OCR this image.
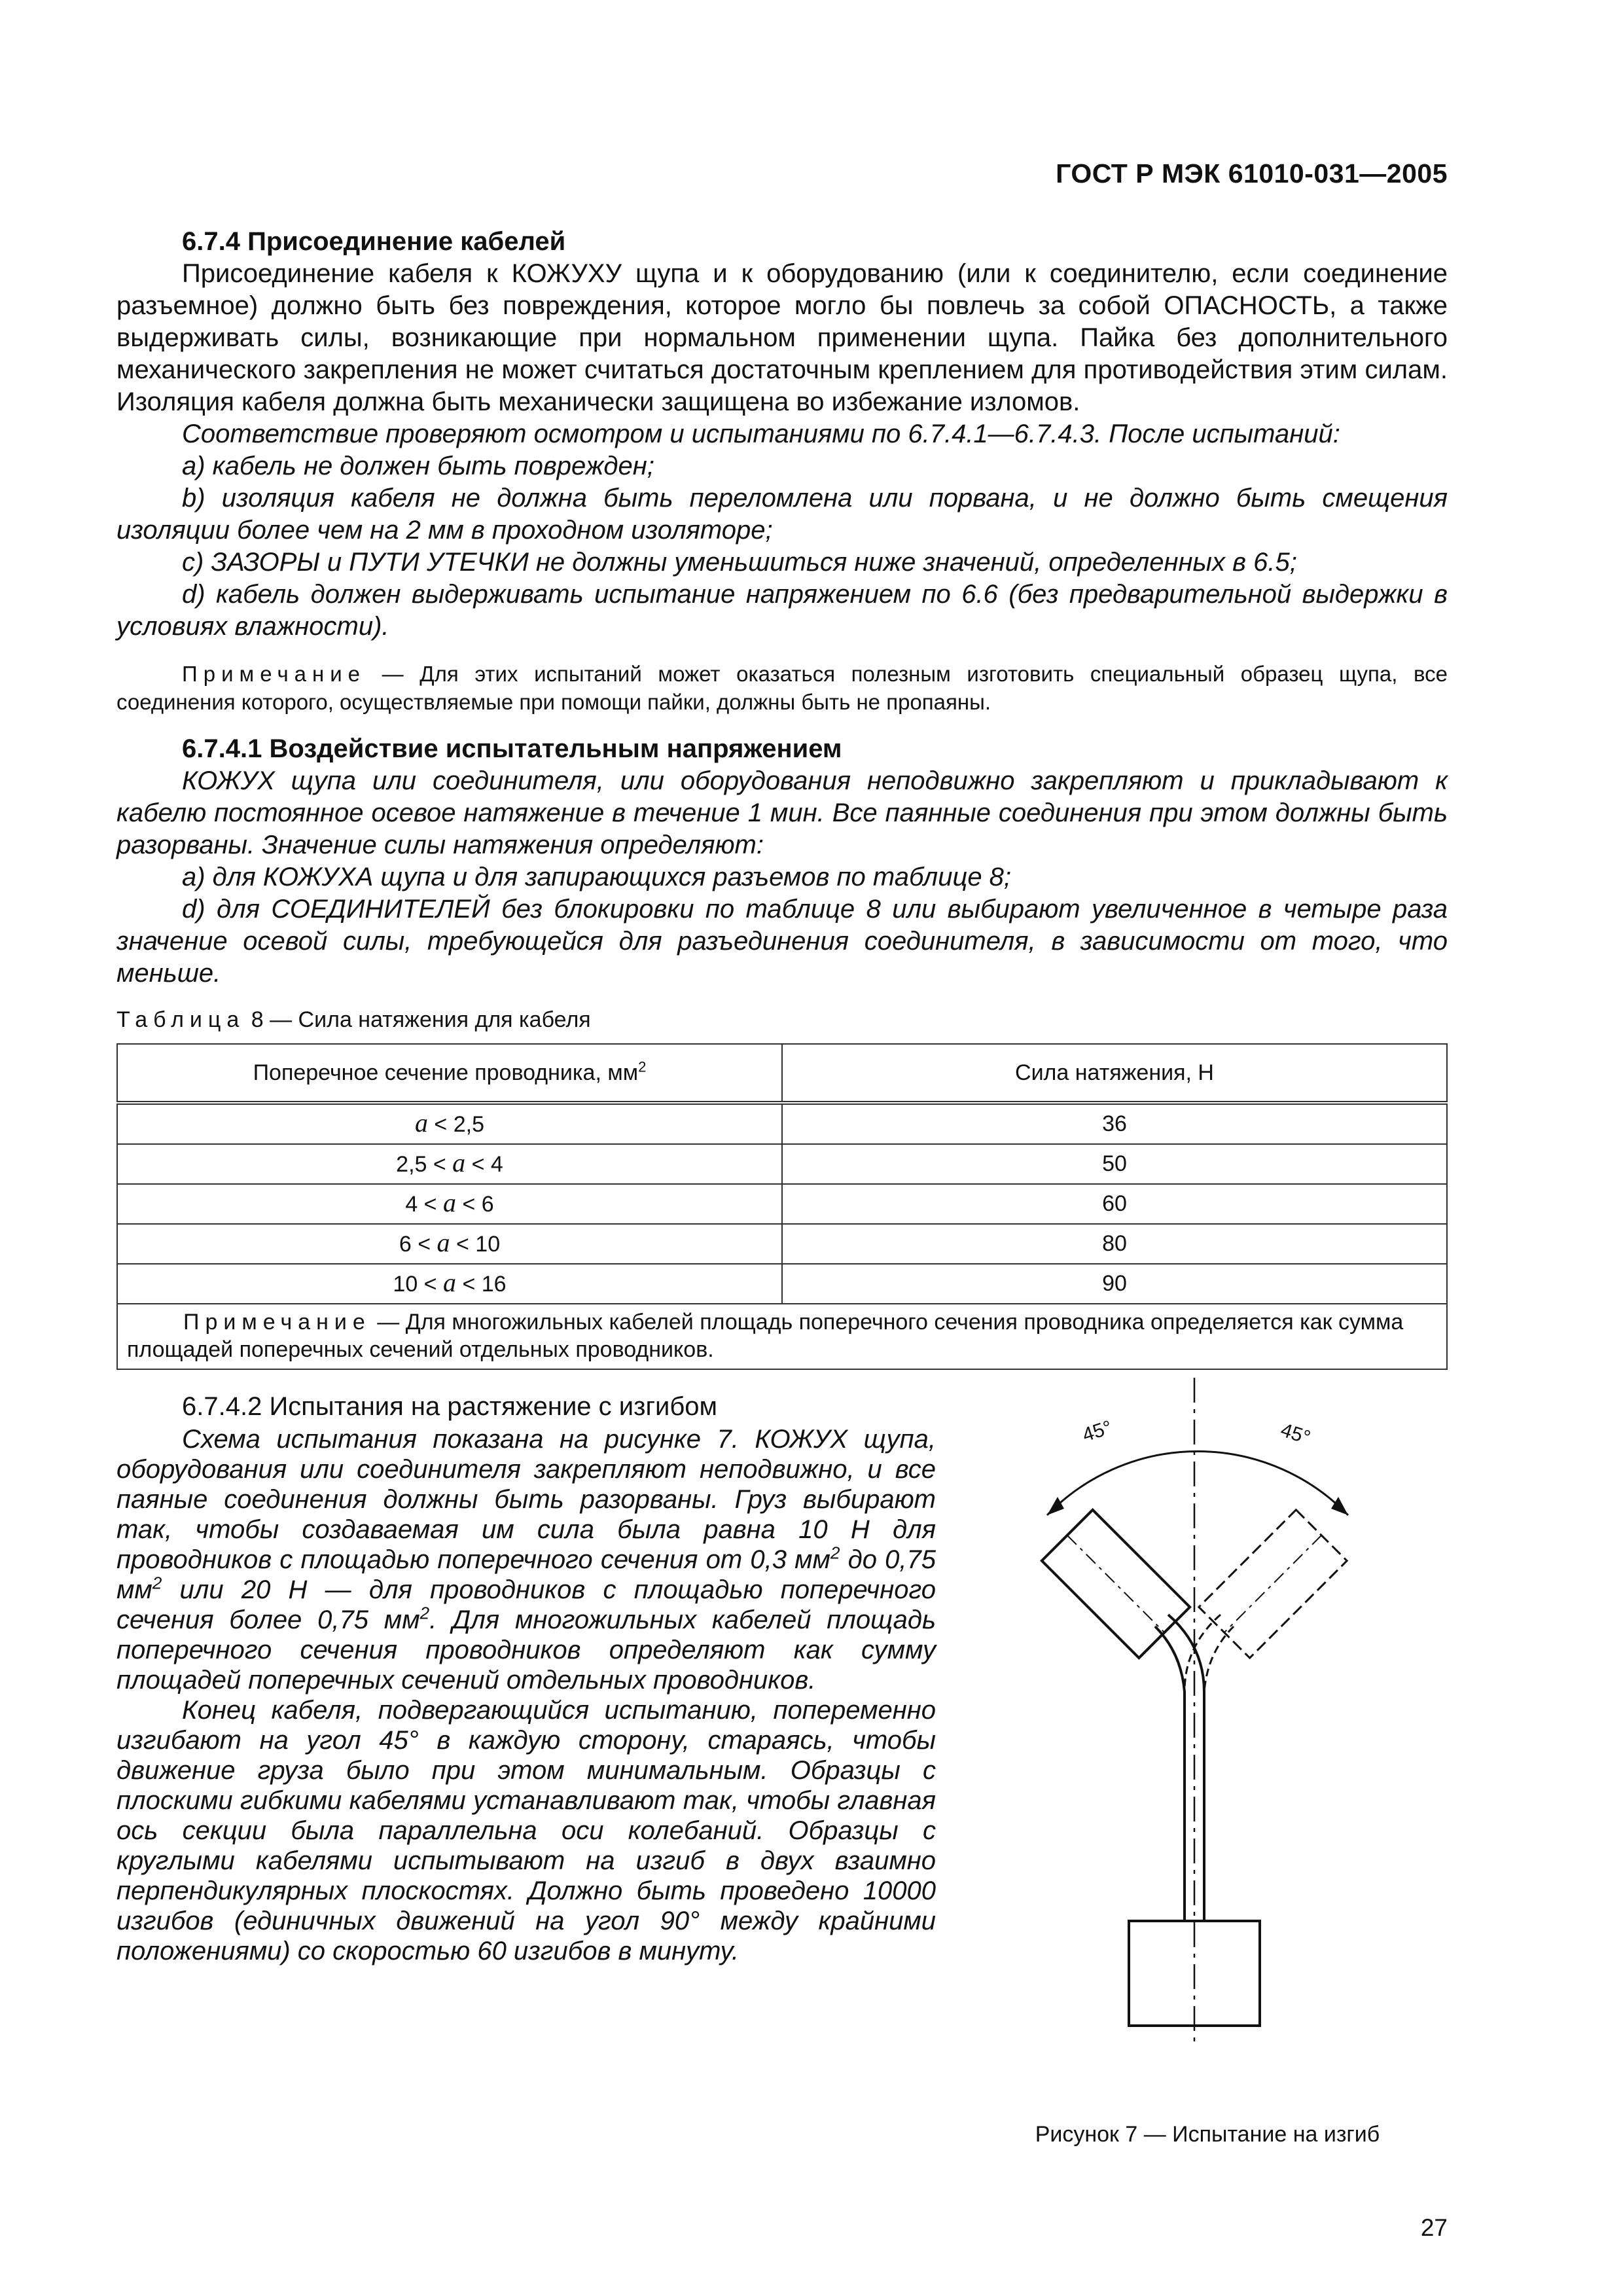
ГОСТ Р МЭК 61010-031—2005
6.7.4 Присоединение кабелей

Присоединение кабеля к КОЖУХУ щупа и к оборудованию (или к соединителю, если соединение разъемное) должно быть без повреждения, которое могло бы повлечь за собой ОПАСНОСТЬ, а также выдерживать силы, возникающие при нормальном применении щупа. Пайка без дополнительного механического закрепления не может считаться достаточным креплением для противодействия этим силам. Изоляция кабеля должна быть механически защищена во избежание изломов.

Соответствие проверяют осмотром и испытаниями по 6.7.4.1—6.7.4.3. После испытаний:

а) кабель не должен быть поврежден;

b) изоляция кабеля не должна быть переломлена или порвана, и не должно быть смещения изоляции более чем на 2 мм в проходном изоляторе;

с) ЗАЗОРЫ и ПУТИ УТЕЧКИ не должны уменьшиться ниже значений, определенных в 6.5;

d) кабель должен выдерживать испытание напряжением по 6.6 (без предварительной выдержки в условиях влажности).

Примечание — Для этих испытаний может оказаться полезным изготовить специальный образец щупа, все соединения которого, осуществляемые при помощи пайки, должны быть не пропаяны.

6.7.4.1 Воздействие испытательным напряжением

КОЖУХ щупа или соединителя, или оборудования неподвижно закрепляют и прикладывают к кабелю постоянное осевое натяжение в течение 1 мин. Все паянные соединения при этом должны быть разорваны. Значение силы натяжения определяют:

а) для КОЖУХА щупа и для запирающихся разъемов по таблице 8;

d) для СОЕДИНИТЕЛЕЙ без блокировки по таблице 8 или выбирают увеличенное в четыре раза значение осевой силы, требующейся для разъединения соединителя, в зависимости от того, что меньше.

Таблица 8 — Сила натяжения для кабеля
Поперечное сечение проводника, $мм^2$	Сила натяжения, Н
a < 2,5	36
2,5 < a < 4	50
4 < a < 6	60
6 < a < 10	80
10 < a < 16	90

Примечание — Для многожильных кабелей площадь поперечного сечения проводника определяется как сумма площадей поперечных сечений отдельных проводников.	
6.7.4.2 Испытания на растяжение с изгибом

Схема испытания показана на рисунке 7. КОЖУХ щупа, оборудования или соединителя закрепляют неподвижно, и все паяные соединения должны быть разорваны. Груз выбирают так, чтобы создаваемая им сила была равна 10 Н для проводников с площадью поперечного сечения от 0,3 $мм^2$ до 0,75 $мм^2$ или 20 Н — для проводников с площадью поперечного сечения более 0,75 $мм^2$. Для многожильных кабелей площадь поперечного сечения проводников определяют как сумму площадей поперечных сечений отдельных проводников.

Конец кабеля, подвергающийся испытанию, попеременно изгибают на угол 45° в каждую сторону, стараясь, чтобы движение груза было при этом минимальным. Образцы с плоскими гибкими кабелями устанавливают так, чтобы главная ось секции была параллельна оси колебаний. Образцы с круглыми кабелями испытывают на изгиб в двух взаимно перпендикулярных плоскостях. Должно быть проведено 10000 изгибов (единичных движений на угол 90° между крайними положениями) со скоростью 60 изгибов в минуту.

45°	45°
Рисунок 7 — Испытание на изгиб
27
